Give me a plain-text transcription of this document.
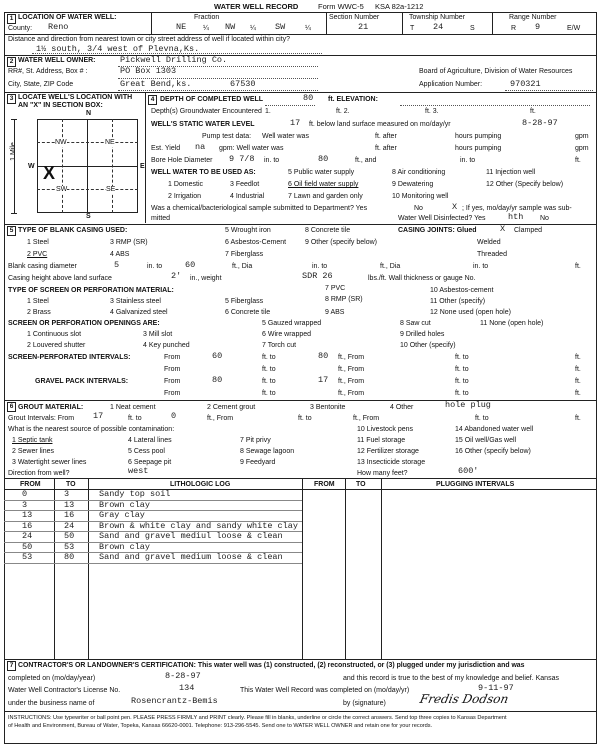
WATER WELL RECORD	Form WWC-5 KSA 82a-1212
1 LOCATION OF WATER WELL:	Fraction	Section Number	Township Number	Range Number
County: Reno	NE ¼ NW ¼ SW	¼	21	T 24	S	R 9	E/W
Distance and direction from nearest town or city street address of well if located within city?
1½ south, 3/4 west of Plevna,Ks.
2 WATER WELL OWNER:	Pickwell Drilling Co.
RR#, St. Address, Box # :	PO Box 1303	Board of Agriculture, Division of Water Resources
City, State, ZIP Code	Great Bend,ks.	67530	Application Number:	970321
3 LOCATE WELL'S LOCATION WITH
AN "X" IN SECTION BOX:
N
S
W	E
NW	NE
SW	SE
X
1 Mile
4 DEPTH OF COMPLETED WELL	80 ft. ELEVATION:
Depth(s) Groundwater Encountered 1.	ft. 2.	ft. 3.	ft.
WELL'S STATIC WATER LEVEL	17 ft. below land surface measured on mo/day/yr	8-28-97
Pump test data: Well water was	ft. after	hours pumping	gpm
Est. Yield na gpm: Well water was	ft. after	hours pumping	gpm
Bore Hole Diameter 9 7/8 in. to	80	ft., and	in. to	ft.
WELL WATER TO BE USED AS:	5 Public water supply	8 Air conditioning	11 Injection well
1 Domestic	3 Feedlot	6 Oil field water supply	9 Dewatering	12 Other (Specify below)
2 Irrigation	4 Industrial	7 Lawn and garden only	10 Monitoring well
Was a chemical/bacteriological sample submitted to Department? Yes	No	X ; If yes, mo/day/yr sample was sub-
mitted	Water Well Disinfected? Yes	hth No
5 TYPE OF BLANK CASING USED:	5 Wrought iron	8 Concrete tile	CASING JOINTS: Glued	X Clamped
1 Steel	3 RMP (SR)	6 Asbestos-Cement	9 Other (specify below)	Welded
2 PVC	4 ABS	7 Fiberglass	Threaded
Blank casing diameter	5	in. to	60	ft., Dia	in. to	ft., Dia	in. to	ft.
Casing height above land surface	2' in., weight	SDR 26	lbs./ft. Wall thickness or gauge No.
TYPE OF SCREEN OR PERFORATION MATERIAL:	7 PVC	10 Asbestos-cement
1 Steel	3 Stainless steel	5 Fiberglass	8 RMP (SR)	11 Other (specify)
2 Brass	4 Galvanized steel	6 Concrete tile	9 ABS	12 None used (open hole)
SCREEN OR PERFORATION OPENINGS ARE:	5 Gauzed wrapped	8 Saw cut	11 None (open hole)
1 Continuous slot	3 Mill slot	6 Wire wrapped	9 Drilled holes
2 Louvered shutter	4 Key punched	7 Torch cut	10 Other (specify)
SCREEN-PERFORATED INTERVALS:	From	60	ft. to	80 ft., From	ft. to	ft.
From	ft. to	ft., From	ft. to	ft.
GRAVEL PACK INTERVALS:	From	80	ft. to	17 ft., From	ft. to	ft.
From	ft. to	ft., From	ft. to	ft.
6 GROUT MATERIAL:	1 Neat cement	2 Cement grout	3 Bentonite	4 Other	hole plug
Grout Intervals: From 17	ft. to	0	ft., From	ft. to	ft., From	ft. to	ft.
What is the nearest source of possible contamination:	10 Livestock pens	14 Abandoned water well
1 Septic tank	4 Lateral lines	7 Pit privy	11 Fuel storage	15 Oil well/Gas well
2 Sewer lines	5 Cess pool	8 Sewage lagoon	12 Fertilizer storage	16 Other (specify below)
3 Watertight sewer lines	6 Seepage pit	9 Feedyard	13 Insecticide storage
Direction from well?	west	How many feet?	600'
FROM	TO	LITHOLOGIC LOG	FROM	TO	PLUGGING INTERVALS
0	3	Sandy top soil
3	13	Brown clay
13	16	Gray clay
16	24	Brown & white clay and sandy white clay
24	50	Sand and gravel mediul loose & clean
50	53	Brown clay
53	80	Sand and gravel medium loose & clean
7 CONTRACTOR'S OR LANDOWNER'S CERTIFICATION: This water well was (1) constructed, (2) reconstructed, or (3) plugged under my jurisdiction and was
completed on (mo/day/year)	8-28-97	and this record is true to the best of my knowledge and belief. Kansas
Water Well Contractor's License No.	134	This Water Well Record was completed on (mo/day/yr)	9-11-97
under the business name of	Rosencrantz-Bemis	by (signature)	Fredis Dodson
INSTRUCTIONS: Use typewriter or ball point pen. PLEASE PRESS FIRMLY and PRINT clearly. Please fill in blanks, underline or circle the correct answers. Send top three copies to Kansas Department
of Health and Environment, Bureau of Water, Topeka, Kansas 66620-0001. Telephone: 913-296-5545. Send one to WATER WELL OWNER and retain one for your records.
